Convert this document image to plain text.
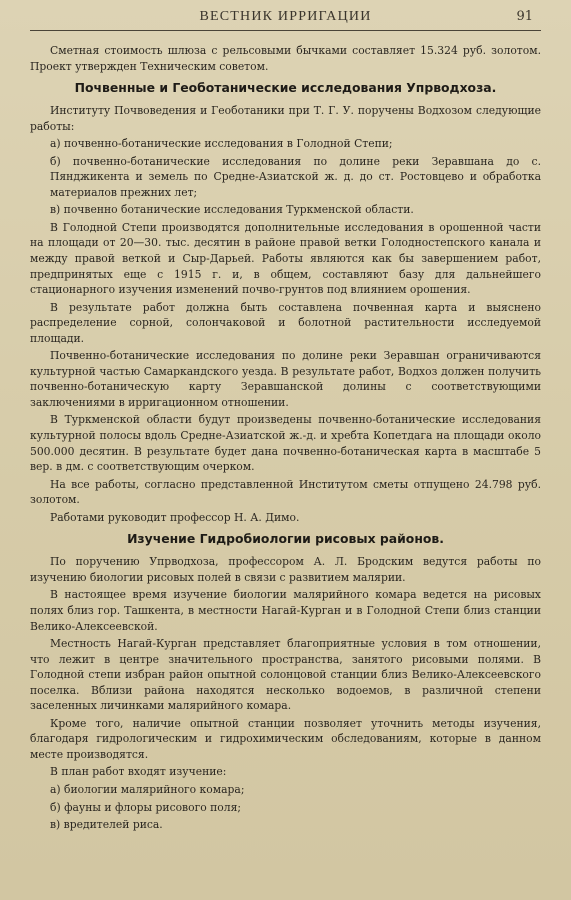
ВЕСТНИК ИРРИГАЦИИ	91

Сметная стоимость шлюза с рельсовыми бычками составляет 15.324 руб. золотом. Проект утвержден Техническим советом.

Почвенные и Геоботанические исследования Упрводхоза.

Институту Почвоведения и Геоботаники при Т. Г. У. поручены Водхозом следующие работы:

а) почвенно-ботанические исследования в Голодной Степи;

б) почвенно-ботанические исследования по долине реки Зеравшана до с. Пянджикента и земель по Средне-Азиатской ж. д. до ст. Ростовцево и обработка материалов прежних лет;

в) почвенно ботанические исследования Туркменской области.

В Голодной Степи производятся дополнительные исследования в орошенной части на площади от 20—30. тыс. десятин в районе правой ветки Голодностепского канала и между правой веткой и Сыр-Дарьей. Работы являются как бы завершением работ, предпринятых еще с 1915 г. и, в общем, составляют базу для дальнейшего стационарного изучения изменений почво-грунтов под влиянием орошения.

В результате работ должна быть составлена почвенная карта и выяснено распределение сорной, солончаковой и болотной растительности исследуемой площади.

Почвенно-ботанические исследования по долине реки Зеравшан ограничиваются культурной частью Самаркандского уезда. В результате работ, Водхоз должен получить почвенно-ботаническую карту Зеравшанской долины с соответствующими заключениями в ирригационном отношении.

В Туркменской области будут произведены почвенно-ботанические исследования культурной полосы вдоль Средне-Азиатской ж.-д. и хребта Копетдага на площади около 500.000 десятин. В результате будет дана почвенно-ботаническая карта в масштабе 5 вер. в дм. с соответствующим очерком.

На все работы, согласно представленной Институтом сметы отпущено 24.798 руб. золотом.

Работами руководит профессор Н. А. Димо.

Изучение Гидробиологии рисовых районов.

По поручению Упрводхоза, профессором А. Л. Бродским ведутся работы по изучению биологии рисовых полей в связи с развитием малярии.

В настоящее время изучение биологии малярийного комара ведется на рисовых полях близ гор. Ташкента, в местности Нагай-Курган и в Голодной Степи близ станции Велико-Алексеевской.

Местность Нагай-Курган представляет благоприятные условия в том отношении, что лежит в центре значительного пространства, занятого рисовыми полями. В Голодной степи избран район опытной солонцовой станции близ Велико-Алексеевского поселка. Вблизи района находятся несколько водоемов, в различной степени заселенных личинками малярийного комара.

Кроме того, наличие опытной станции позволяет уточнить методы изучения, благодаря гидрологическим и гидрохимическим обследованиям, которые в данном месте производятся.

В план работ входят изучение:

а) биологии малярийного комара;

б) фауны и флоры рисового поля;

в) вредителей риса.
